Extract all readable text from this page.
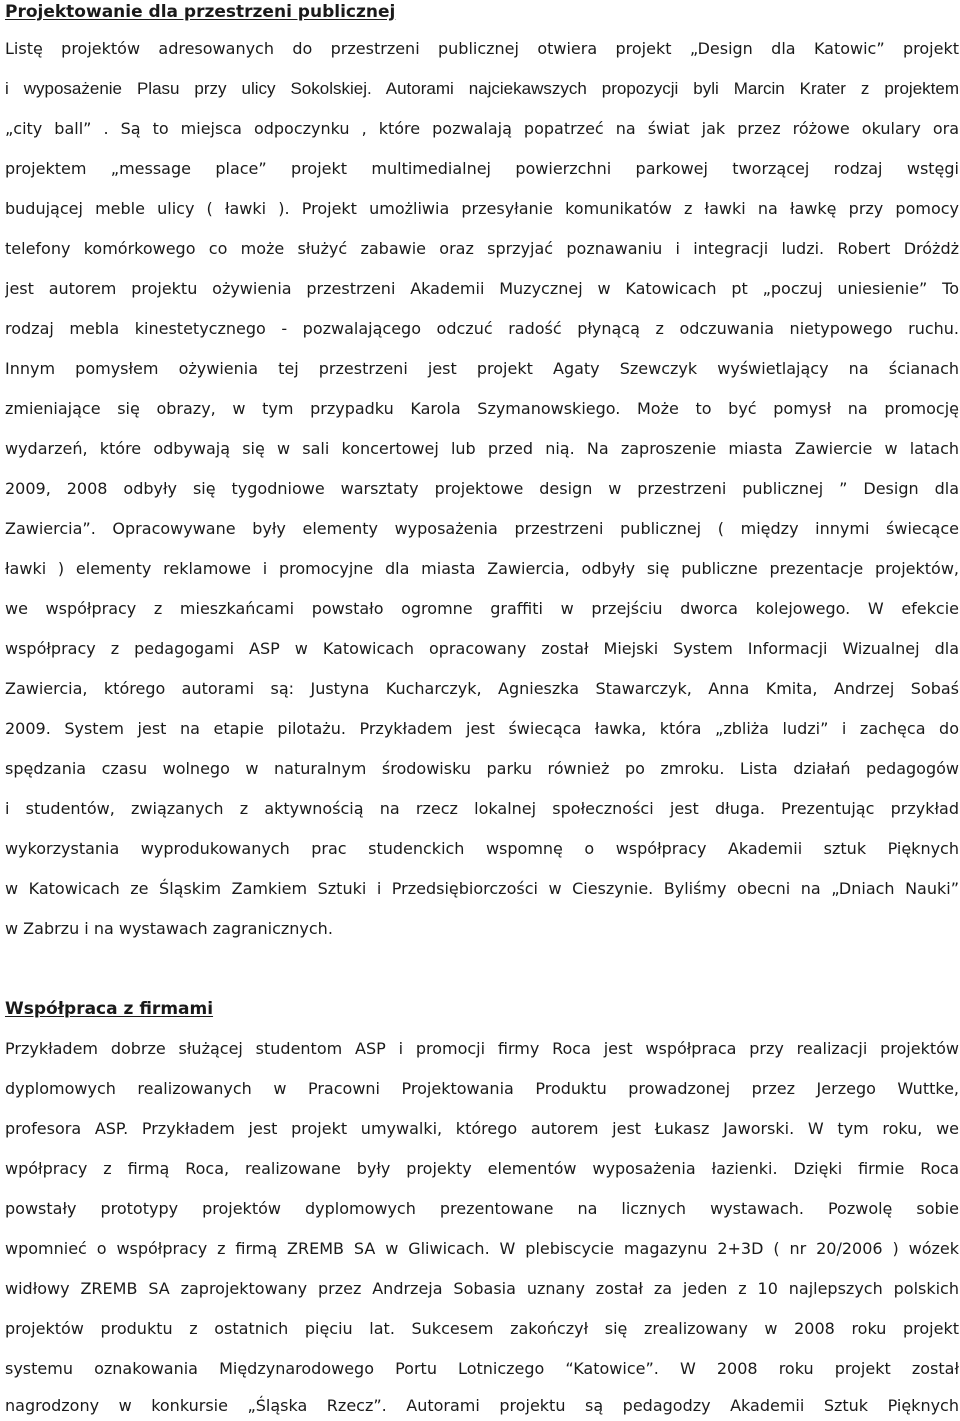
Projektowanie dla przestrzeni publicznej

Listę projektów adresowanych do przestrzeni publicznej otwiera projekt „Design dla Katowic” projekt

i wyposażenie Plasu przy ulicy Sokolskiej. Autorami najciekawszych propozycji byli Marcin Krater z projektem

„city ball” . Są to miejsca odpoczynku , które pozwalają popatrzeć na świat jak przez różowe okulary ora

projektem „message place” projekt multimedialnej powierzchni parkowej tworzącej rodzaj wstęgi

budującej meble ulicy ( ławki ). Projekt umożliwia przesyłanie komunikatów z ławki na ławkę przy pomocy

telefony komórkowego co może służyć zabawie oraz sprzyjać poznawaniu i integracji ludzi. Robert Dróżdż

jest autorem projektu ożywienia przestrzeni Akademii Muzycznej w Katowicach pt „poczuj uniesienie” To

rodzaj mebla kinestetycznego - pozwalającego odczuć radość płynącą z odczuwania nietypowego ruchu.

Innym pomysłem ożywienia tej przestrzeni jest projekt Agaty Szewczyk wyświetlający na ścianach

zmieniające się obrazy, w tym przypadku Karola Szymanowskiego. Może to być pomysł na promocję

wydarzeń, które odbywają się w sali koncertowej lub przed nią. Na zaproszenie miasta Zawiercie w latach

2009, 2008 odbyły się tygodniowe warsztaty projektowe design w przestrzeni publicznej ” Design dla

Zawiercia”. Opracowywane były elementy wyposażenia przestrzeni publicznej ( między innymi świecące

ławki ) elementy reklamowe i promocyjne dla miasta Zawiercia, odbyły się publiczne prezentacje projektów,

we współpracy z mieszkańcami powstało ogromne graffiti w przejściu dworca kolejowego. W efekcie

współpracy z pedagogami ASP w Katowicach opracowany został Miejski System Informacji Wizualnej dla

Zawiercia, którego autorami są: Justyna Kucharczyk, Agnieszka Stawarczyk, Anna Kmita, Andrzej Sobaś

2009. System jest na etapie pilotażu. Przykładem jest świecąca ławka, która „zbliża ludzi” i zachęca do

spędzania czasu wolnego w naturalnym środowisku parku również po zmroku. Lista działań pedagogów

i studentów, związanych z aktywnością na rzecz lokalnej społeczności jest długa. Prezentując przykład

wykorzystania wyprodukowanych prac studenckich wspomnę o współpracy Akademii sztuk Pięknych

w Katowicach ze Śląskim Zamkiem Sztuki i Przedsiębiorczości w Cieszynie. Byliśmy obecni na „Dniach Nauki”

w Zabrzu i na wystawach zagranicznych.

Współpraca z firmami

Przykładem dobrze służącej studentom ASP i promocji firmy Roca jest współpraca przy realizacji projektów

dyplomowych realizowanych w Pracowni Projektowania Produktu prowadzonej przez Jerzego Wuttke,

profesora ASP. Przykładem jest projekt umywalki, którego autorem jest Łukasz Jaworski. W tym roku, we

wpółpracy z firmą Roca, realizowane były projekty elementów wyposażenia łazienki. Dzięki firmie Roca

powstały prototypy projektów dyplomowych prezentowane na licznych wystawach. Pozwolę sobie

wpomnieć o współpracy z firmą ZREMB SA w Gliwicach. W plebiscycie magazynu 2+3D ( nr 20/2006 ) wózek

widłowy ZREMB SA zaprojektowany przez Andrzeja Sobasia uznany został za jeden z 10 najlepszych polskich

projektów produktu z ostatnich pięciu lat. Sukcesem zakończył się zrealizowany w 2008 roku projekt

systemu oznakowania Międzynarodowego Portu Lotniczego “Katowice”. W 2008 roku projekt został

nagrodzony w konkursie „Śląska Rzecz”. Autorami projektu są pedagodzy Akademii Sztuk Pięknych
